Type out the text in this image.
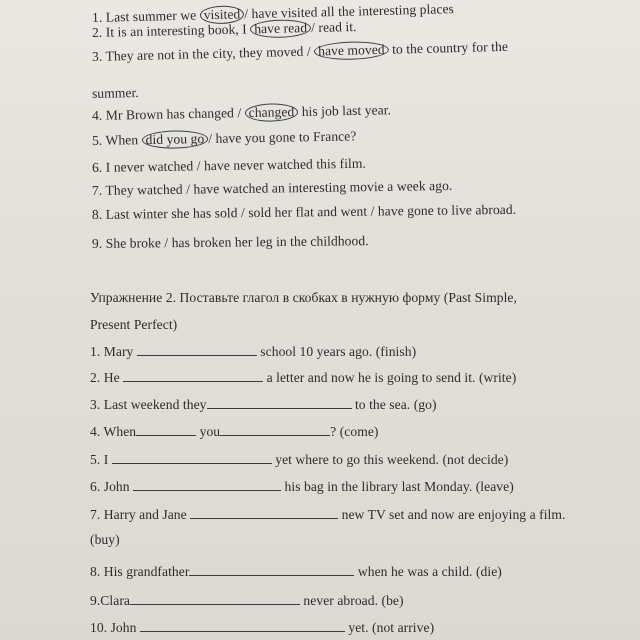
1. Last summer we visited / have visited all the interesting places
2. It is an interesting book, I have read / read it.
3. They are not in the city, they moved / have moved to the country for the
summer.
4. Mr Brown has changed / changed his job last year.
5. When did you go / have you gone to France?
6. I never watched / have never watched this film.
7. They watched / have watched an interesting movie a week ago.
8. Last winter she has sold / sold her flat and went / have gone to live abroad.
9. She broke / has broken her leg in the childhood.
Упражнение 2. Поставьте глагол в скобках в нужную форму (Past Simple,
Present Perfect)
1. Mary	school 10 years ago. (finish)
2. He	a letter and now he is going to send it. (write)
3. Last weekend they	to the sea. (go)
4. When	you	? (come)
5. I	yet where to go this weekend. (not decide)
6. John	his bag in the library last Monday. (leave)
7. Harry and Jane	new TV set and now are enjoying a film.
(buy)
8. His grandfather	when he was a child. (die)
9.Clara	never abroad. (be)
10. John	yet. (not arrive)
